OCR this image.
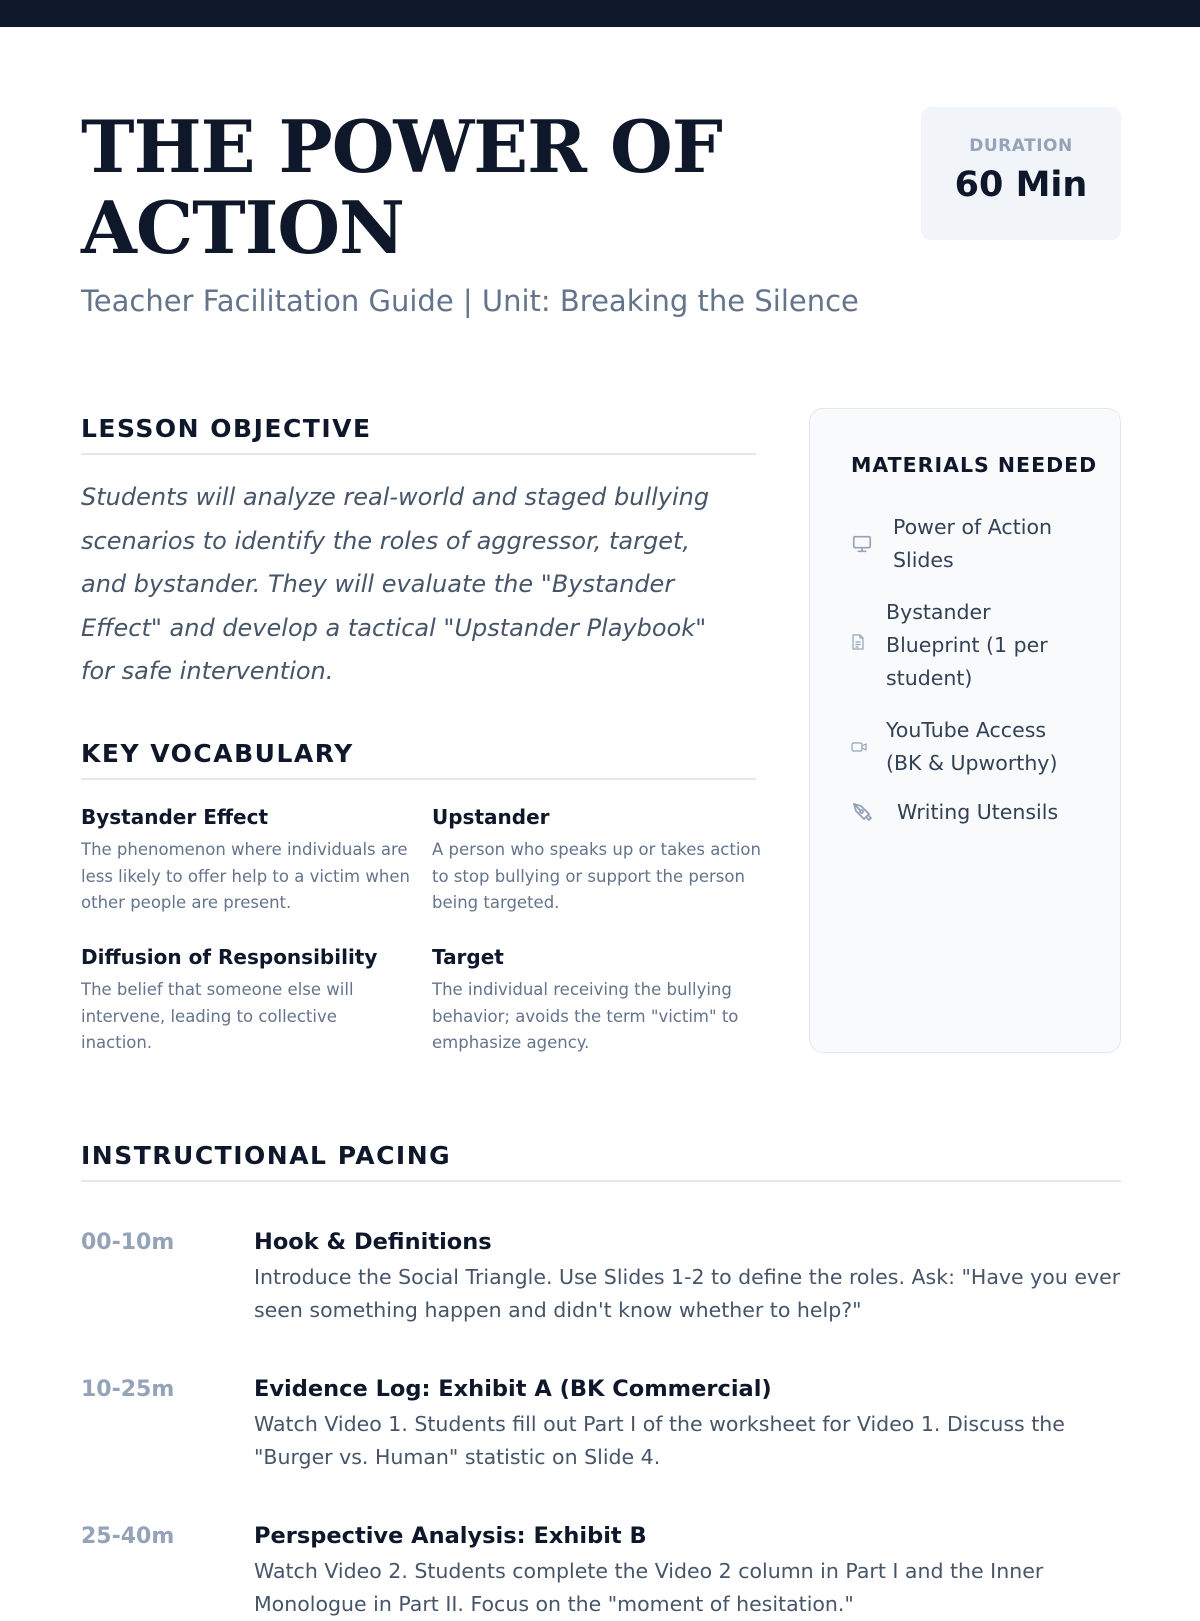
THE POWER OF
ACTION
Teacher Facilitation Guide | Unit: Breaking the Silence
DURATION
60 Min
LESSON OBJECTIVE

Students will analyze real-world and staged bullying scenarios to identify the roles of aggressor, target, and bystander. They will evaluate the "Bystander Effect" and develop a tactical "Upstander Playbook" for safe intervention.

KEY VOCABULARY
Bystander Effect
The phenomenon where individuals are less likely to offer help to a victim when other people are present.
Upstander
A person who speaks up or takes action to stop bullying or support the person being targeted.
Diffusion of Responsibility
The belief that someone else will intervene, leading to collective inaction.
Target
The individual receiving the bullying behavior; avoids the term "victim" to emphasize agency.
MATERIALS NEEDED
Power of Action Slides
Bystander Blueprint (1 per student)
YouTube Access (BK & Upworthy)
Writing Utensils
INSTRUCTIONAL PACING
00-10m	Hook & Definitions
Introduce the Social Triangle. Use Slides 1-2 to define the roles. Ask: "Have you ever seen something happen and didn't know whether to help?"
10-25m	Evidence Log: Exhibit A (BK Commercial)
Watch Video 1. Students fill out Part I of the worksheet for Video 1. Discuss the "Burger vs. Human" statistic on Slide 4.
25-40m	Perspective Analysis: Exhibit B
Watch Video 2. Students complete the Video 2 column in Part I and the Inner Monologue in Part II. Focus on the "moment of hesitation."
